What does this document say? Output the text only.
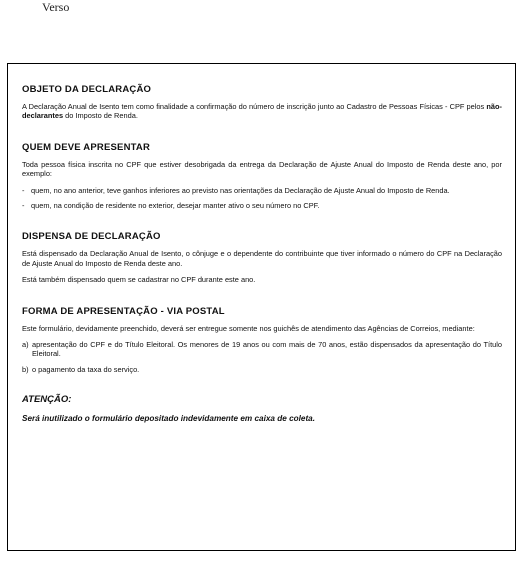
Verso
OBJETO DA DECLARAÇÃO

A Declaração Anual de Isento tem como finalidade a confirmação do número de inscrição junto ao Cadastro de Pessoas Físicas - CPF pelos não-declarantes do Imposto de Renda.

QUEM DEVE APRESENTAR

Toda pessoa física inscrita no CPF que estiver desobrigada da entrega da Declaração de Ajuste Anual do Imposto de Renda deste ano, por exemplo:

- quem, no ano anterior, teve ganhos inferiores ao previsto nas orientações da Declaração de Ajuste Anual do Imposto de Renda.
- quem, na condição de residente no exterior, desejar manter ativo o seu número no CPF.
DISPENSA DE DECLARAÇÃO

Está dispensado da Declaração Anual de Isento, o cônjuge e o dependente do contribuinte que tiver informado o número do CPF na Declaração de Ajuste Anual do Imposto de Renda deste ano.

Está também dispensado quem se cadastrar no CPF durante este ano.

FORMA DE APRESENTAÇÃO - VIA POSTAL

Este formulário, devidamente preenchido, deverá ser entregue somente nos guichês de atendimento das Agências de Correios, mediante:

a) apresentação do CPF e do Título Eleitoral. Os menores de 19 anos ou com mais de 70 anos, estão dispensados da apresentação do Título Eleitoral.
b) o pagamento da taxa do serviço.
ATENÇÃO:

Será inutilizado o formulário depositado indevidamente em caixa de coleta.
